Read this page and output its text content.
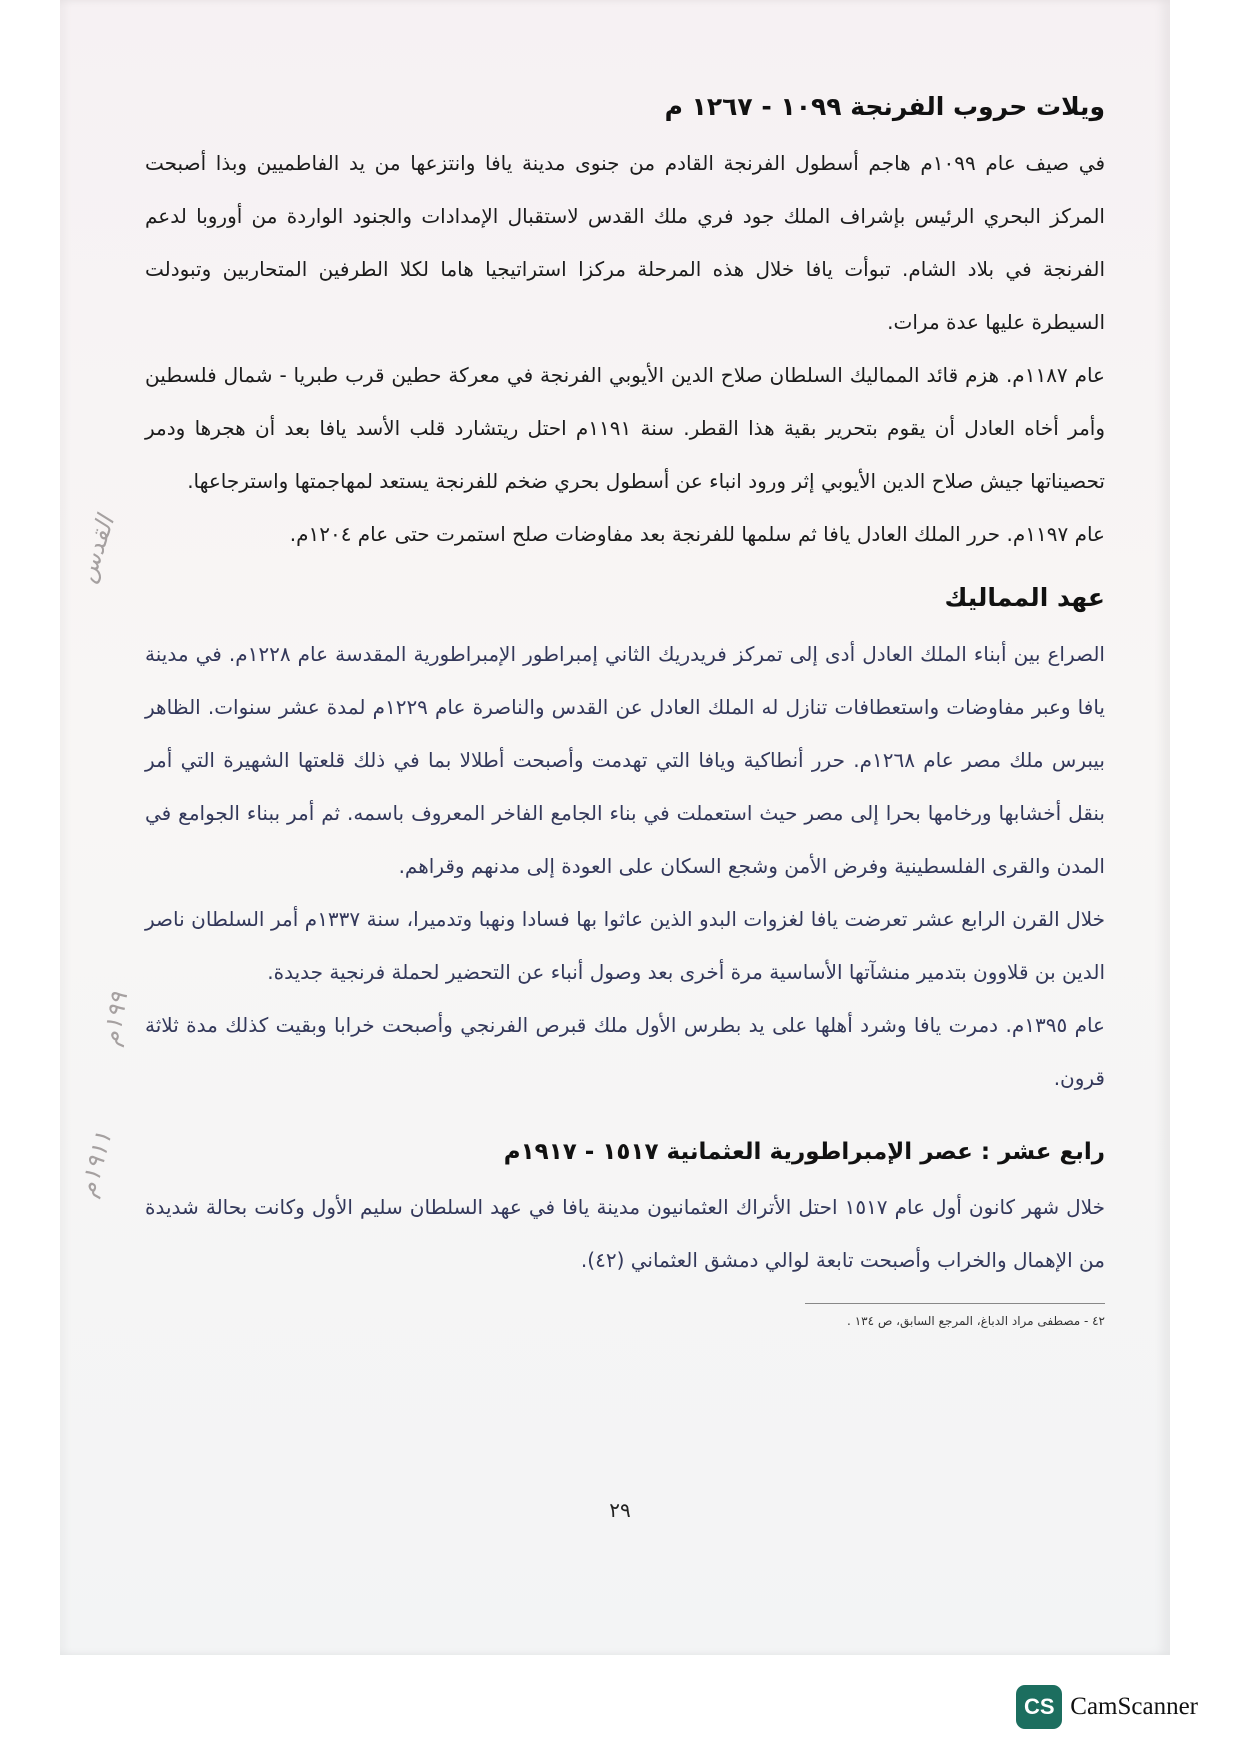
ويلات حروب الفرنجة ١٠٩٩ - ١٢٦٧ م

في صيف عام ١٠٩٩م هاجم أسطول الفرنجة القادم من جنوى مدينة يافا وانتزعها من يد الفاطميين وبذا أصبحت المركز البحري الرئيس بإشراف الملك جود فري ملك القدس لاستقبال الإمدادات والجنود الواردة من أوروبا لدعم الفرنجة في بلاد الشام. تبوأت يافا خلال هذه المرحلة مركزا استراتيجيا هاما لكلا الطرفين المتحاربين وتبودلت السيطرة عليها عدة مرات.

عام ١١٨٧م. هزم قائد المماليك السلطان صلاح الدين الأيوبي الفرنجة في معركة حطين قرب طبريا - شمال فلسطين وأمر أخاه العادل أن يقوم بتحرير بقية هذا القطر. سنة ١١٩١م احتل ريتشارد قلب الأسد يافا بعد أن هجرها ودمر تحصيناتها جيش صلاح الدين الأيوبي إثر ورود انباء عن أسطول بحري ضخم للفرنجة يستعد لمهاجمتها واسترجاعها.

عام ١١٩٧م. حرر الملك العادل يافا ثم سلمها للفرنجة بعد مفاوضات صلح استمرت حتى عام ١٢٠٤م.

عهد المماليك

الصراع بين أبناء الملك العادل أدى إلى تمركز فريدريك الثاني إمبراطور الإمبراطورية المقدسة عام ١٢٢٨م. في مدينة يافا وعبر مفاوضات واستعطافات تنازل له الملك العادل عن القدس والناصرة عام ١٢٢٩م لمدة عشر سنوات. الظاهر بيبرس ملك مصر عام ١٢٦٨م. حرر أنطاكية ويافا التي تهدمت وأصبحت أطلالا بما في ذلك قلعتها الشهيرة التي أمر بنقل أخشابها ورخامها بحرا إلى مصر حيث استعملت في بناء الجامع الفاخر المعروف باسمه. ثم أمر ببناء الجوامع في المدن والقرى الفلسطينية وفرض الأمن وشجع السكان على العودة إلى مدنهم وقراهم.

خلال القرن الرابع عشر تعرضت يافا لغزوات البدو الذين عاثوا بها فسادا ونهبا وتدميرا، سنة ١٣٣٧م أمر السلطان ناصر الدين بن قلاوون بتدمير منشآتها الأساسية مرة أخرى بعد وصول أنباء عن التحضير لحملة فرنجية جديدة.

عام ١٣٩٥م. دمرت يافا وشرد أهلها على يد بطرس الأول ملك قبرص الفرنجي وأصبحت خرابا وبقيت كذلك مدة ثلاثة قرون.

رابع عشر : عصر الإمبراطورية العثمانية ١٥١٧ - ١٩١٧م

خلال شهر كانون أول عام ١٥١٧ احتل الأتراك العثمانيون مدينة يافا في عهد السلطان سليم الأول وكانت بحالة شديدة من الإهمال والخراب وأصبحت تابعة لوالي دمشق العثماني (٤٢).

٤٢ - مصطفى مراد الدباغ، المرجع السابق، ص ١٣٤ .

٢٩
القدس
١٩٩م
١٩١١م
CS CamScanner
